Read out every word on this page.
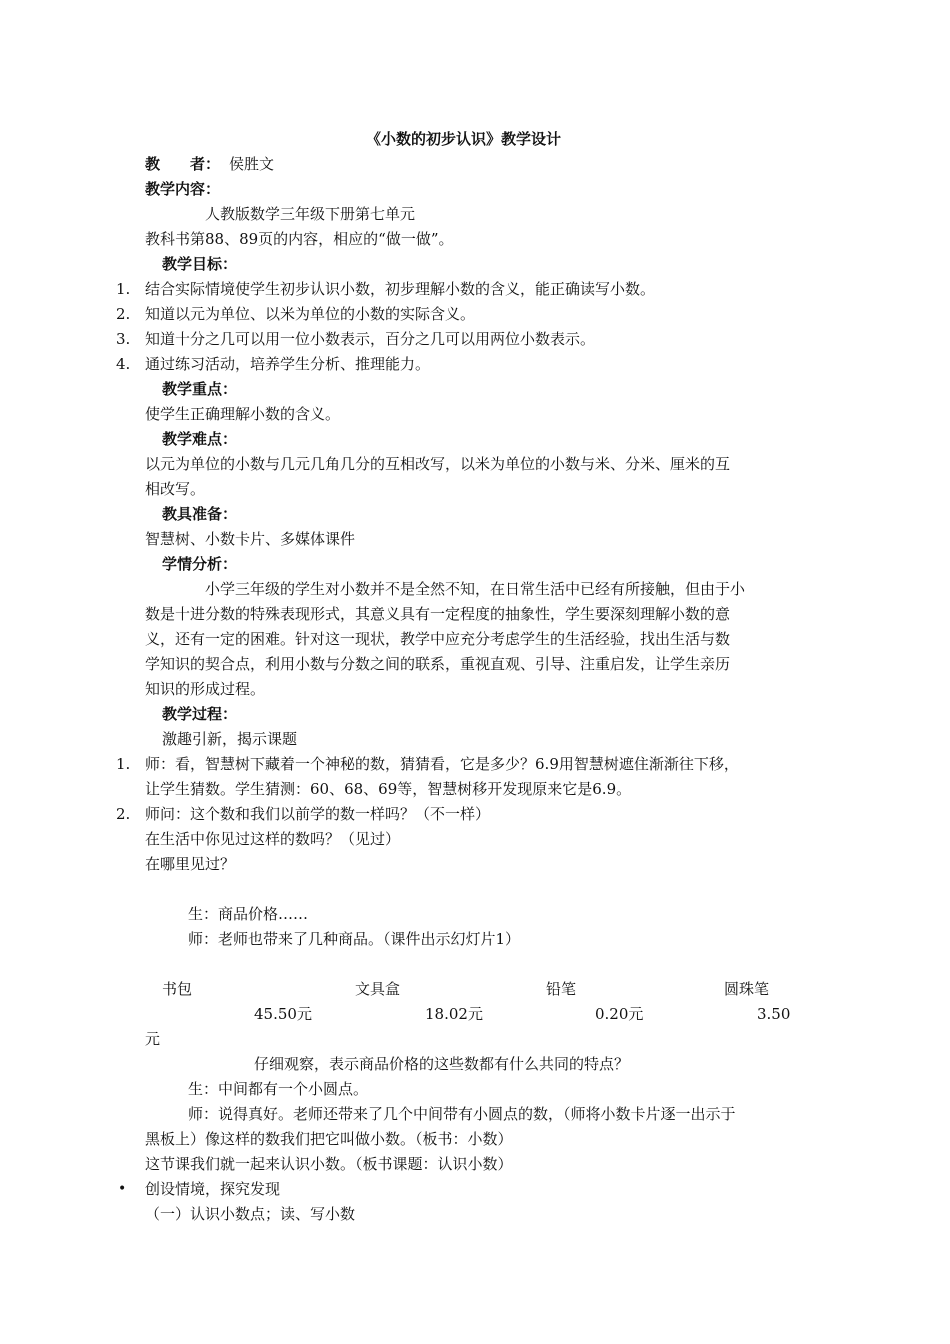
《小数的初步认识》教学设计
教　　者： 侯胜文
教学内容：
人教版数学三年级下册第七单元
教科书第88、89页的内容，相应的“做一做”。
教学目标：
1. 结合实际情境使学生初步认识小数，初步理解小数的含义，能正确读写小数。
2. 知道以元为单位、以米为单位的小数的实际含义。
3. 知道十分之几可以用一位小数表示，百分之几可以用两位小数表示。
4. 通过练习活动，培养学生分析、推理能力。
教学重点：
使学生正确理解小数的含义。
教学难点：
以元为单位的小数与几元几角几分的互相改写，以米为单位的小数与米、分米、厘米的互
相改写。
教具准备：
智慧树、小数卡片、多媒体课件
学情分析：
小学三年级的学生对小数并不是全然不知，在日常生活中已经有所接触，但由于小
数是十进分数的特殊表现形式，其意义具有一定程度的抽象性，学生要深刻理解小数的意
义，还有一定的困难。针对这一现状，教学中应充分考虑学生的生活经验，找出生活与数
学知识的契合点，利用小数与分数之间的联系，重视直观、引导、注重启发，让学生亲历
知识的形成过程。
教学过程：
激趣引新，揭示课题
1. 师：看，智慧树下藏着一个神秘的数，猜猜看，它是多少？6.9用智慧树遮住渐渐往下移，
让学生猜数。学生猜测：60、68、69等，智慧树移开发现原来它是6.9。
2. 师问：这个数和我们以前学的数一样吗？（不一样）
在生活中你见过这样的数吗？（见过）
在哪里见过？
生：商品价格……
师：老师也带来了几种商品。（课件出示幻灯片1）
书包	文具盒	铅笔	圆珠笔
45.50元	18.02元	0.20元	3.50
元
仔细观察，表示商品价格的这些数都有什么共同的特点？
生：中间都有一个小圆点。
师：说得真好。老师还带来了几个中间带有小圆点的数，（师将小数卡片逐一出示于
黑板上）像这样的数我们把它叫做小数。（板书：小数）
这节课我们就一起来认识小数。（板书课题：认识小数）
• 创设情境，探究发现
（一）认识小数点；读、写小数
